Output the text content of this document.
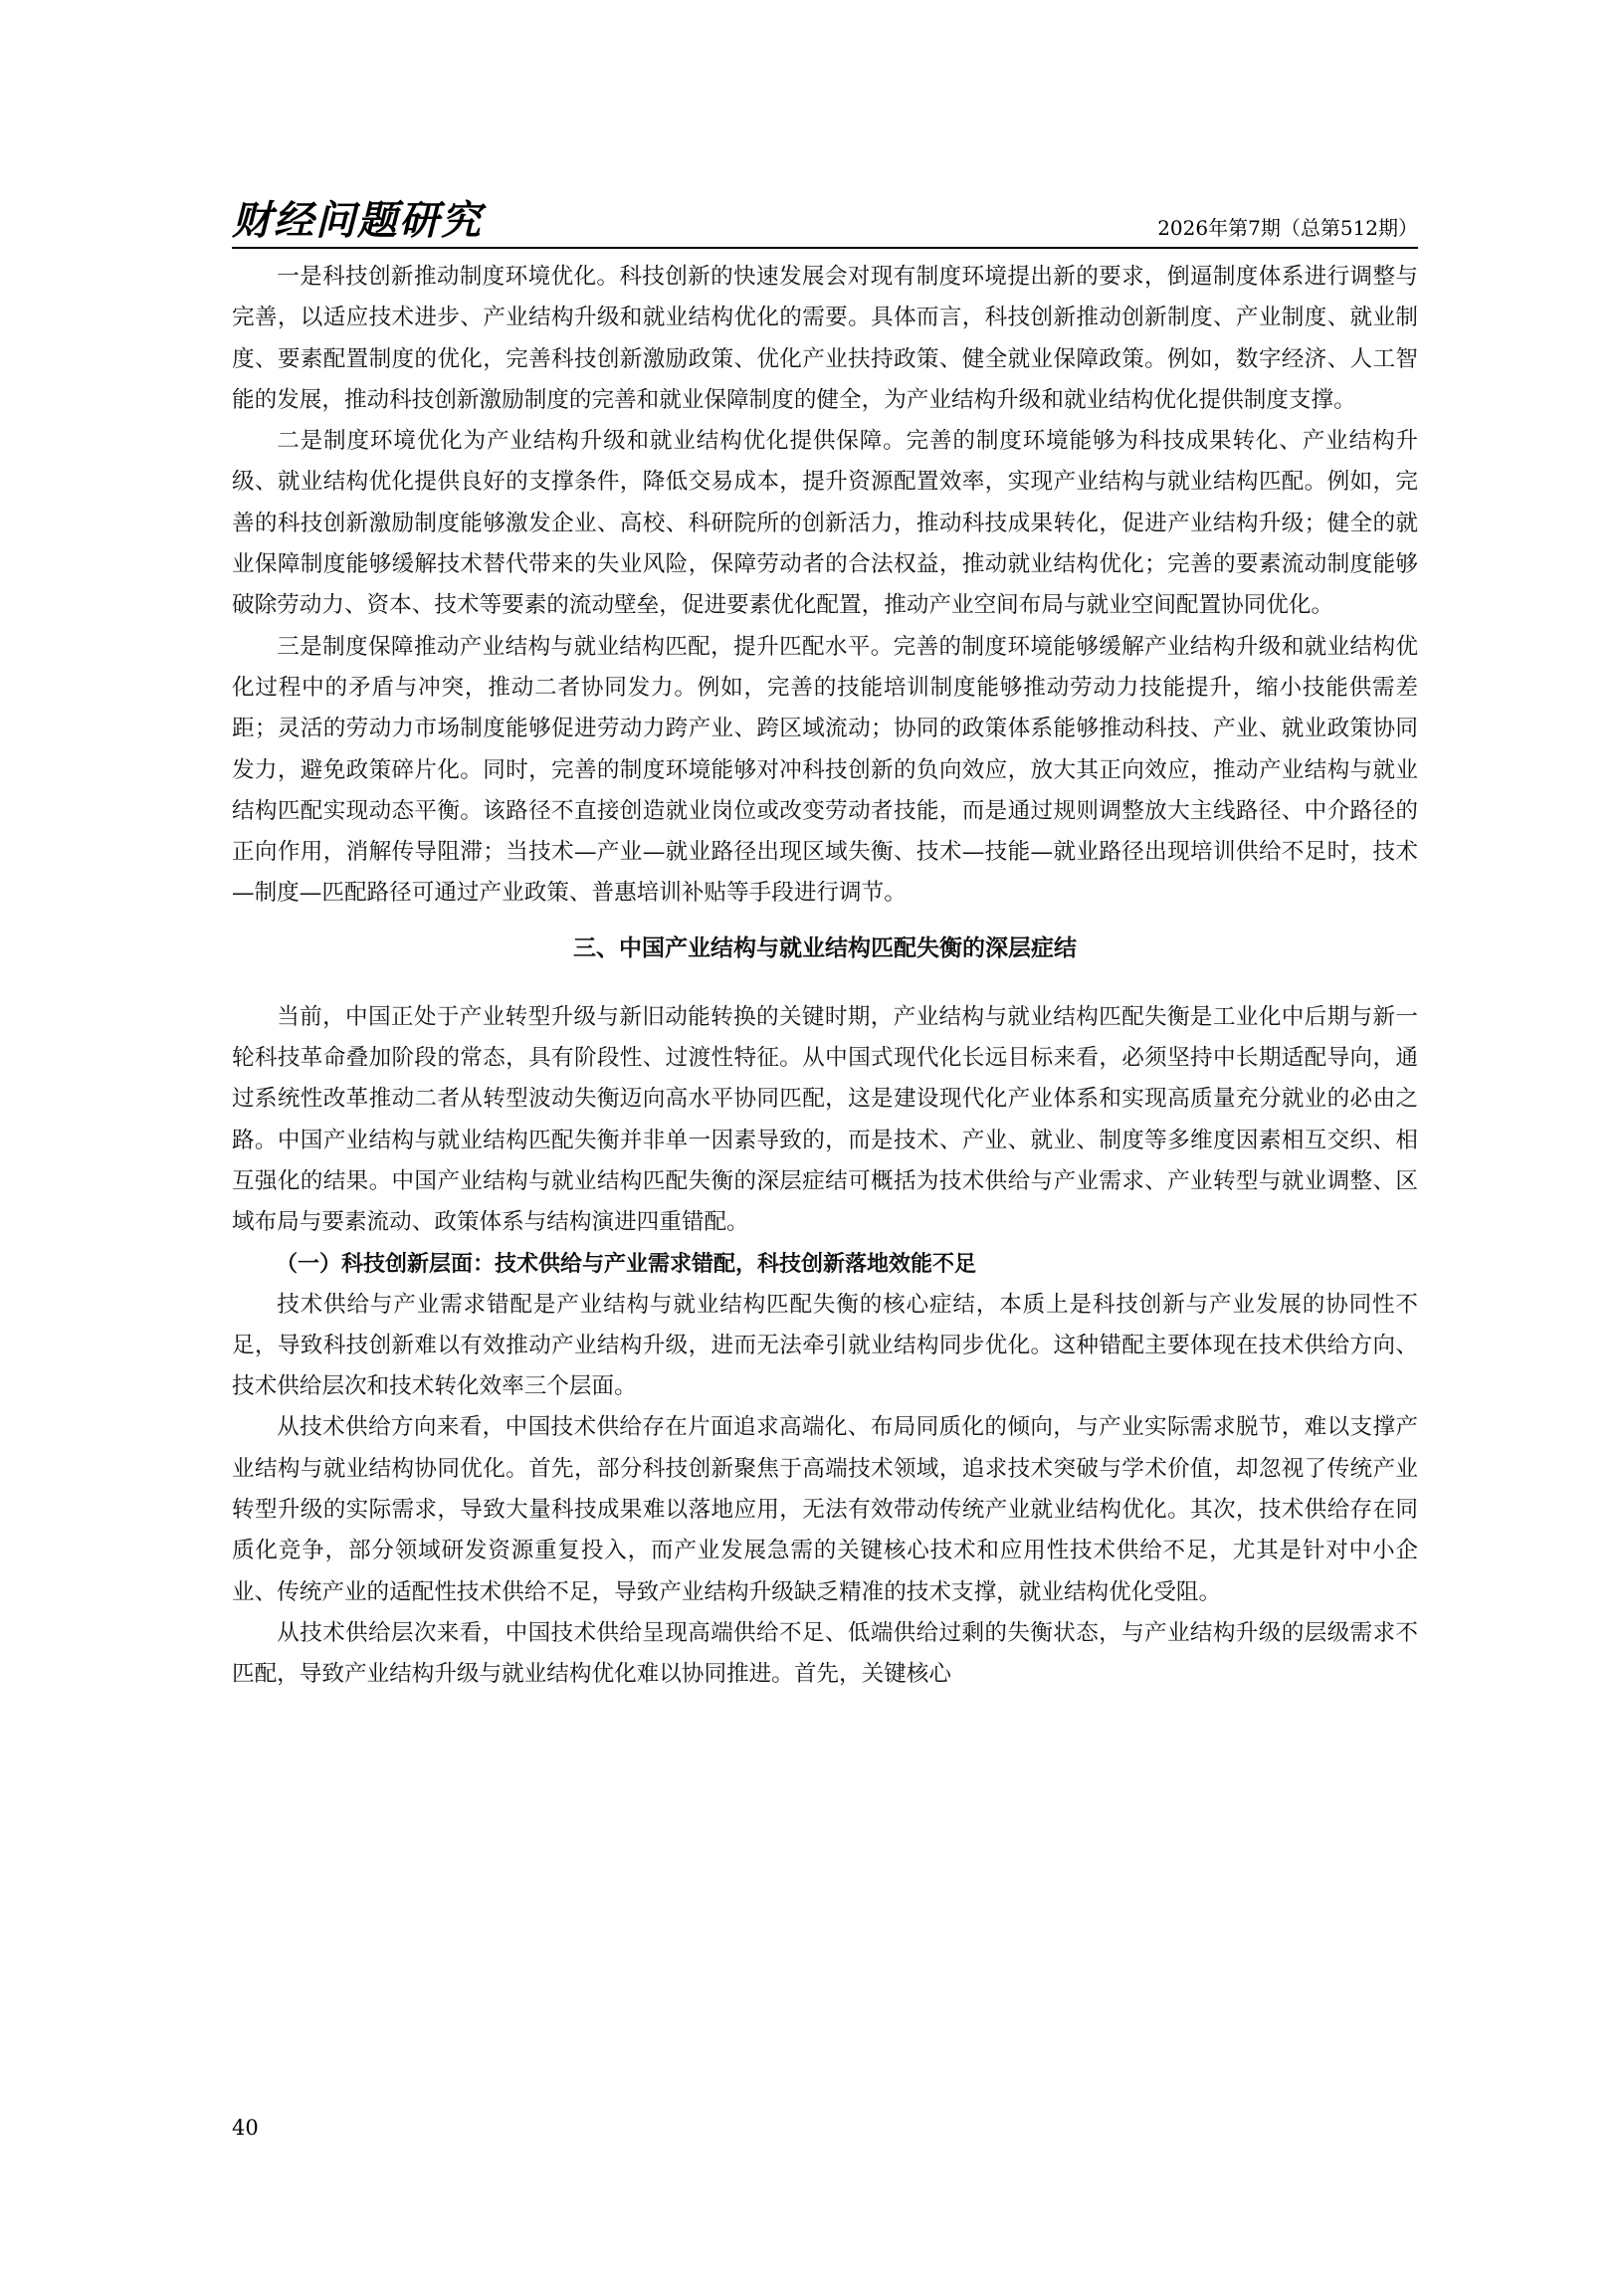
财经问题研究	2026年第7期（总第512期）

一是科技创新推动制度环境优化。科技创新的快速发展会对现有制度环境提出新的要求，倒逼制度体系进行调整与完善，以适应技术进步、产业结构升级和就业结构优化的需要。具体而言，科技创新推动创新制度、产业制度、就业制度、要素配置制度的优化，完善科技创新激励政策、优化产业扶持政策、健全就业保障政策。例如，数字经济、人工智能的发展，推动科技创新激励制度的完善和就业保障制度的健全，为产业结构升级和就业结构优化提供制度支撑。

二是制度环境优化为产业结构升级和就业结构优化提供保障。完善的制度环境能够为科技成果转化、产业结构升级、就业结构优化提供良好的支撑条件，降低交易成本，提升资源配置效率，实现产业结构与就业结构匹配。例如，完善的科技创新激励制度能够激发企业、高校、科研院所的创新活力，推动科技成果转化，促进产业结构升级；健全的就业保障制度能够缓解技术替代带来的失业风险，保障劳动者的合法权益，推动就业结构优化；完善的要素流动制度能够破除劳动力、资本、技术等要素的流动壁垒，促进要素优化配置，推动产业空间布局与就业空间配置协同优化。

三是制度保障推动产业结构与就业结构匹配，提升匹配水平。完善的制度环境能够缓解产业结构升级和就业结构优化过程中的矛盾与冲突，推动二者协同发力。例如，完善的技能培训制度能够推动劳动力技能提升，缩小技能供需差距；灵活的劳动力市场制度能够促进劳动力跨产业、跨区域流动；协同的政策体系能够推动科技、产业、就业政策协同发力，避免政策碎片化。同时，完善的制度环境能够对冲科技创新的负向效应，放大其正向效应，推动产业结构与就业结构匹配实现动态平衡。该路径不直接创造就业岗位或改变劳动者技能，而是通过规则调整放大主线路径、中介路径的正向作用，消解传导阻滞；当技术—产业—就业路径出现区域失衡、技术—技能—就业路径出现培训供给不足时，技术—制度—匹配路径可通过产业政策、普惠培训补贴等手段进行调节。

三、中国产业结构与就业结构匹配失衡的深层症结

当前，中国正处于产业转型升级与新旧动能转换的关键时期，产业结构与就业结构匹配失衡是工业化中后期与新一轮科技革命叠加阶段的常态，具有阶段性、过渡性特征。从中国式现代化长远目标来看，必须坚持中长期适配导向，通过系统性改革推动二者从转型波动失衡迈向高水平协同匹配，这是建设现代化产业体系和实现高质量充分就业的必由之路。中国产业结构与就业结构匹配失衡并非单一因素导致的，而是技术、产业、就业、制度等多维度因素相互交织、相互强化的结果。中国产业结构与就业结构匹配失衡的深层症结可概括为技术供给与产业需求、产业转型与就业调整、区域布局与要素流动、政策体系与结构演进四重错配。

（一）科技创新层面：技术供给与产业需求错配，科技创新落地效能不足

技术供给与产业需求错配是产业结构与就业结构匹配失衡的核心症结，本质上是科技创新与产业发展的协同性不足，导致科技创新难以有效推动产业结构升级，进而无法牵引就业结构同步优化。这种错配主要体现在技术供给方向、技术供给层次和技术转化效率三个层面。

从技术供给方向来看，中国技术供给存在片面追求高端化、布局同质化的倾向，与产业实际需求脱节，难以支撑产业结构与就业结构协同优化。首先，部分科技创新聚焦于高端技术领域，追求技术突破与学术价值，却忽视了传统产业转型升级的实际需求，导致大量科技成果难以落地应用，无法有效带动传统产业就业结构优化。其次，技术供给存在同质化竞争，部分领域研发资源重复投入，而产业发展急需的关键核心技术和应用性技术供给不足，尤其是针对中小企业、传统产业的适配性技术供给不足，导致产业结构升级缺乏精准的技术支撑，就业结构优化受阻。

从技术供给层次来看，中国技术供给呈现高端供给不足、低端供给过剩的失衡状态，与产业结构升级的层级需求不匹配，导致产业结构升级与就业结构优化难以协同推进。首先，关键核心

40
